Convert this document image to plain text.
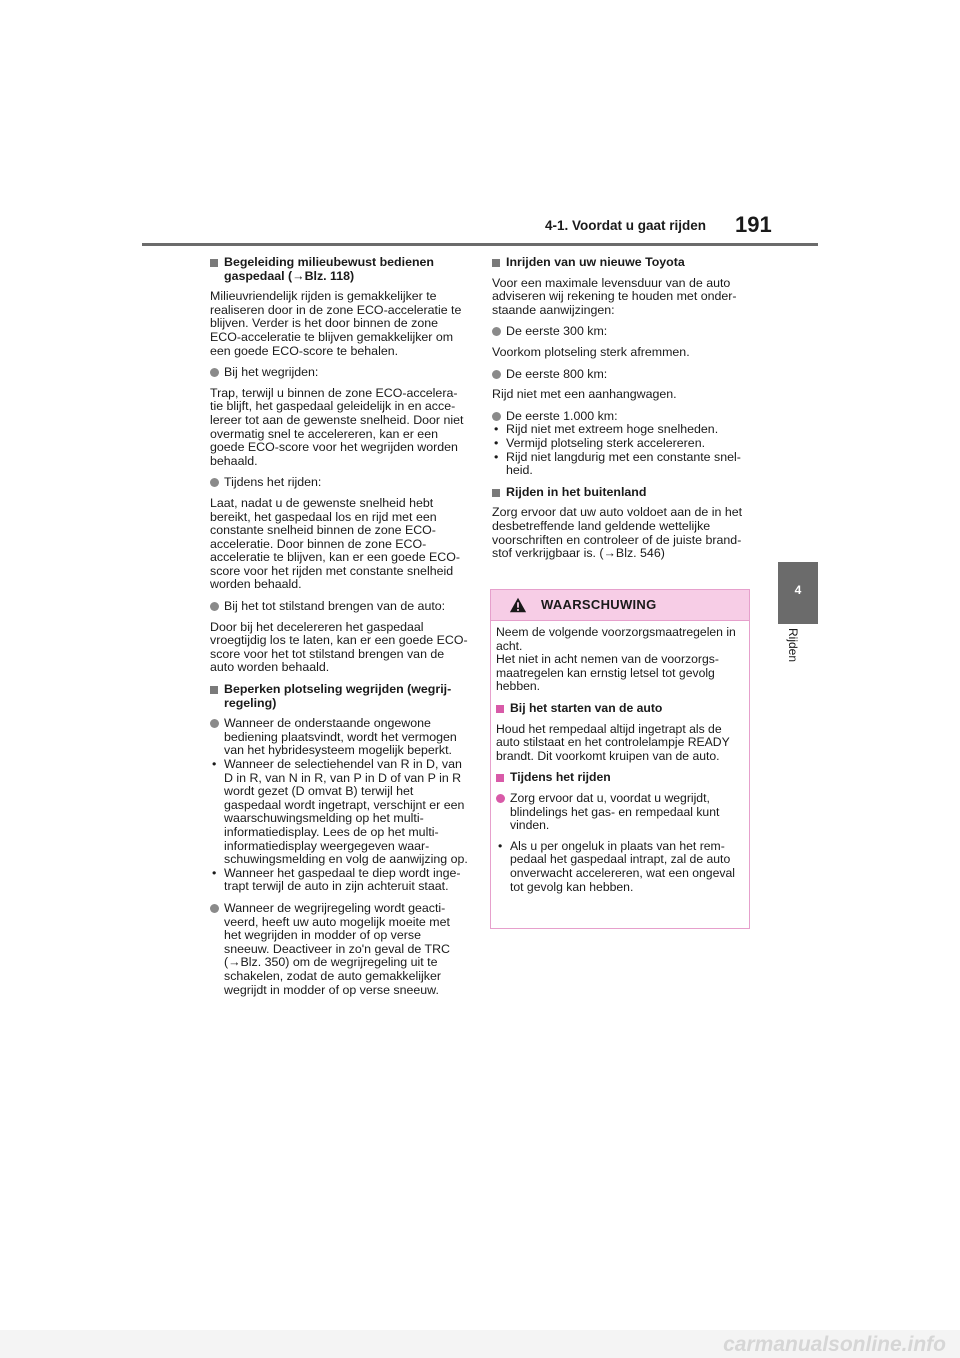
4-1. Voordat u gaat rijden 191
4
Rijden
Begeleiding milieubewust bedienen gaspedaal (→Blz. 118)
Milieuvriendelijk rijden is gemakkelijker te realiseren door in de zone ECO-acceleratie te blijven. Verder is het door binnen de zone ECO-acceleratie te blijven gemakkelijker om een goede ECO-score te behalen.
Bij het wegrijden:
Trap, terwijl u binnen de zone ECO-accelera-tie blijft, het gaspedaal geleidelijk in en acce-lereer tot aan de gewenste snelheid. Door niet overmatig snel te accelereren, kan er een goede ECO-score voor het wegrijden worden behaald.
Tijdens het rijden:
Laat, nadat u de gewenste snelheid hebt bereikt, het gaspedaal los en rijd met een constante snelheid binnen de zone ECO-acceleratie. Door binnen de zone ECO-acceleratie te blijven, kan er een goede ECO-score voor het rijden met constante snelheid worden behaald.
Bij het tot stilstand brengen van de auto:
Door bij het decelereren het gaspedaal vroegtijdig los te laten, kan er een goede ECO-score voor het tot stilstand brengen van de auto worden behaald.
Beperken plotseling wegrijden (wegrij-regeling)
Wanneer de onderstaande ongewone bediening plaatsvindt, wordt het vermogen van het hybridesysteem mogelijk beperkt.
• Wanneer de selectiehendel van R in D, van D in R, van N in R, van P in D of van P in R wordt gezet (D omvat B) terwijl het gaspedaal wordt ingetrapt, verschijnt er een waarschuwingsmelding op het multi-informatiedisplay. Lees de op het multi-informatiedisplay weergegeven waar-schuwingsmelding en volg de aanwijzing op.
• Wanneer het gaspedaal te diep wordt inge-trapt terwijl de auto in zijn achteruit staat.
Wanneer de wegrijregeling wordt geacti-veerd, heeft uw auto mogelijk moeite met het wegrijden in modder of op verse sneeuw. Deactiveer in zo'n geval de TRC (→Blz. 350) om de wegrijregeling uit te schakelen, zodat de auto gemakkelijker wegrijdt in modder of op verse sneeuw.
Inrijden van uw nieuwe Toyota
Voor een maximale levensduur van de auto adviseren wij rekening te houden met onder-staande aanwijzingen:
De eerste 300 km:
Voorkom plotseling sterk afremmen.
De eerste 800 km:
Rijd niet met een aanhangwagen.
De eerste 1.000 km:
• Rijd niet met extreem hoge snelheden.
• Vermijd plotseling sterk accelereren.
• Rijd niet langdurig met een constante snel-heid.
Rijden in het buitenland
Zorg ervoor dat uw auto voldoet aan de in het desbetreffende land geldende wettelijke voorschriften en controleer of de juiste brand-stof verkrijgbaar is. (→Blz. 546)
WAARSCHUWING
Neem de volgende voorzorgsmaatregelen in acht.
Het niet in acht nemen van de voorzorgs-maatregelen kan ernstig letsel tot gevolg hebben.
Bij het starten van de auto
Houd het rempedaal altijd ingetrapt als de auto stilstaat en het controlelampje READY brandt. Dit voorkomt kruipen van de auto.
Tijdens het rijden
Zorg ervoor dat u, voordat u wegrijdt, blindelings het gas- en rempedaal kunt vinden.
• Als u per ongeluk in plaats van het rem-pedaal het gaspedaal intrapt, zal de auto onverwacht accelereren, wat een ongeval tot gevolg kan hebben.
carmanualsonline.info
